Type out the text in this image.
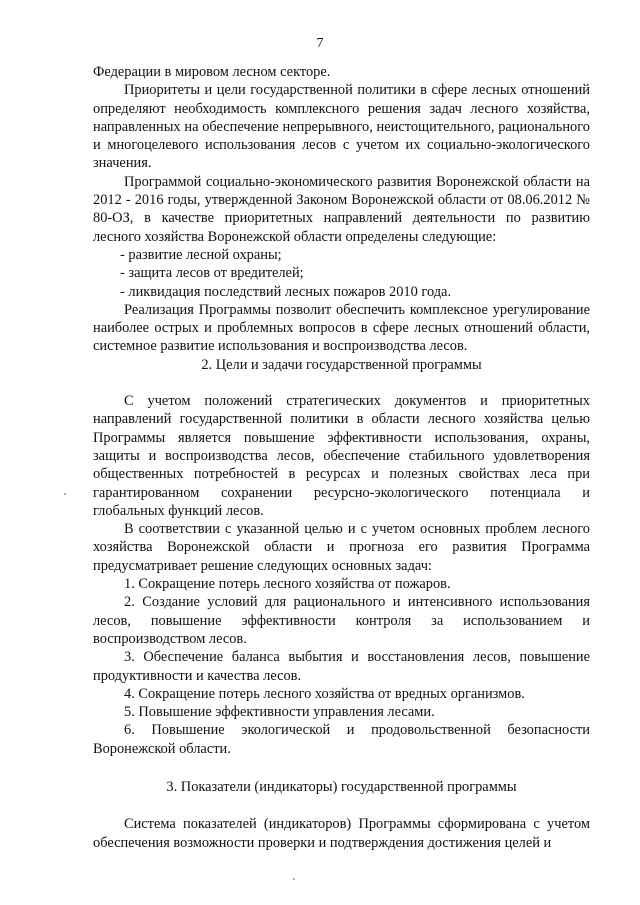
7

Федерации в мировом лесном секторе.

Приоритеты и цели государственной политики в сфере лесных отношений определяют необходимость комплексного решения задач лесного хозяйства, направленных на обеспечение непрерывного, неистощительного, рационального и многоцелевого использования лесов с учетом их социально-экологического значения.

Программой социально-экономического развития Воронежской области на 2012 - 2016 годы, утвержденной Законом Воронежской области от 08.06.2012 № 80-ОЗ, в качестве приоритетных направлений деятельности по развитию лесного хозяйства Воронежской области определены следующие:

- развитие лесной охраны;

- защита лесов от вредителей;

- ликвидация последствий лесных пожаров 2010 года.

Реализация Программы позволит обеспечить комплексное урегулирование наиболее острых и проблемных вопросов в сфере лесных отношений области, системное развитие использования и воспроизводства лесов.

2. Цели и задачи государственной программы

С учетом положений стратегических документов и приоритетных направлений государственной политики в области лесного хозяйства целью Программы является повышение эффективности использования, охраны, защиты и воспроизводства лесов, обеспечение стабильного удовлетворения общественных потребностей в ресурсах и полезных свойствах леса при гарантированном сохранении ресурсно-экологического потенциала и глобальных функций лесов.

В соответствии с указанной целью и с учетом основных проблем лесного хозяйства Воронежской области и прогноза его развития Программа предусматривает решение следующих основных задач:

1. Сокращение потерь лесного хозяйства от пожаров.

2. Создание условий для рационального и интенсивного использования лесов, повышение эффективности контроля за использованием и воспроизводством лесов.

3. Обеспечение баланса выбытия и восстановления лесов, повышение продуктивности и качества лесов.

4. Сокращение потерь лесного хозяйства от вредных организмов.

5. Повышение эффективности управления лесами.

6. Повышение экологической и продовольственной безопасности Воронежской области.

3. Показатели (индикаторы) государственной программы

Система показателей (индикаторов) Программы сформирована с учетом обеспечения возможности проверки и подтверждения достижения целей и
